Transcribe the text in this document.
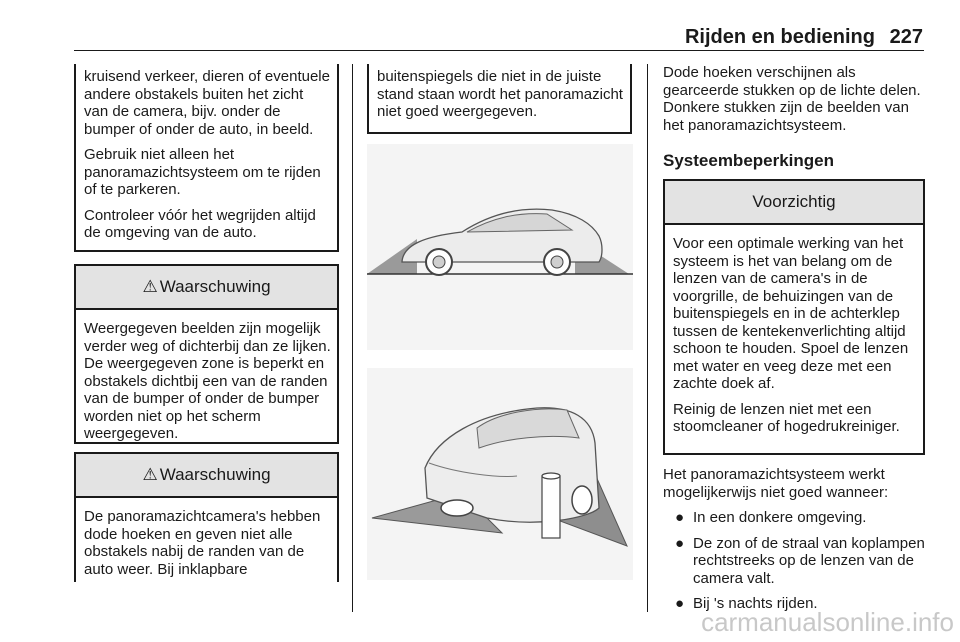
Rijden en bediening 227

kruisend verkeer, dieren of eventuele andere obstakels buiten het zicht van de camera, bijv. onder de bumper of onder de auto, in beeld.

Gebruik niet alleen het panoramazichtsysteem om te rijden of te parkeren.

Controleer vóór het wegrijden altijd de omgeving van de auto.

⚠ Waarschuwing

Weergegeven beelden zijn mogelijk verder weg of dichterbij dan ze lijken. De weergegeven zone is beperkt en obstakels dichtbij een van de randen van de bumper of onder de bumper worden niet op het scherm weergegeven.

⚠ Waarschuwing

De panoramazichtcamera's hebben dode hoeken en geven niet alle obstakels nabij de randen van de auto weer. Bij inklapbare

buitenspiegels die niet in de juiste stand staan wordt het panoramazicht niet goed weergegeven.

Dode hoeken verschijnen als gearceerde stukken op de lichte delen. Donkere stukken zijn de beelden van het panoramazichtsysteem.

Systeembeperkingen
Voorzichtig

Voor een optimale werking van het systeem is het van belang om de lenzen van de camera's in de voorgrille, de behuizingen van de buitenspiegels en in de achterklep tussen de kentekenverlichting altijd schoon te houden. Spoel de lenzen met water en veeg deze met een zachte doek af.

Reinig de lenzen niet met een stoomcleaner of hogedrukreiniger.

Het panoramazichtsysteem werkt mogelijkerwijs niet goed wanneer:

● In een donkere omgeving.
● De zon of de straal van koplampen rechtstreeks op de lenzen van de camera valt.
● Bij 's nachts rijden.
carmanualsonline.info
